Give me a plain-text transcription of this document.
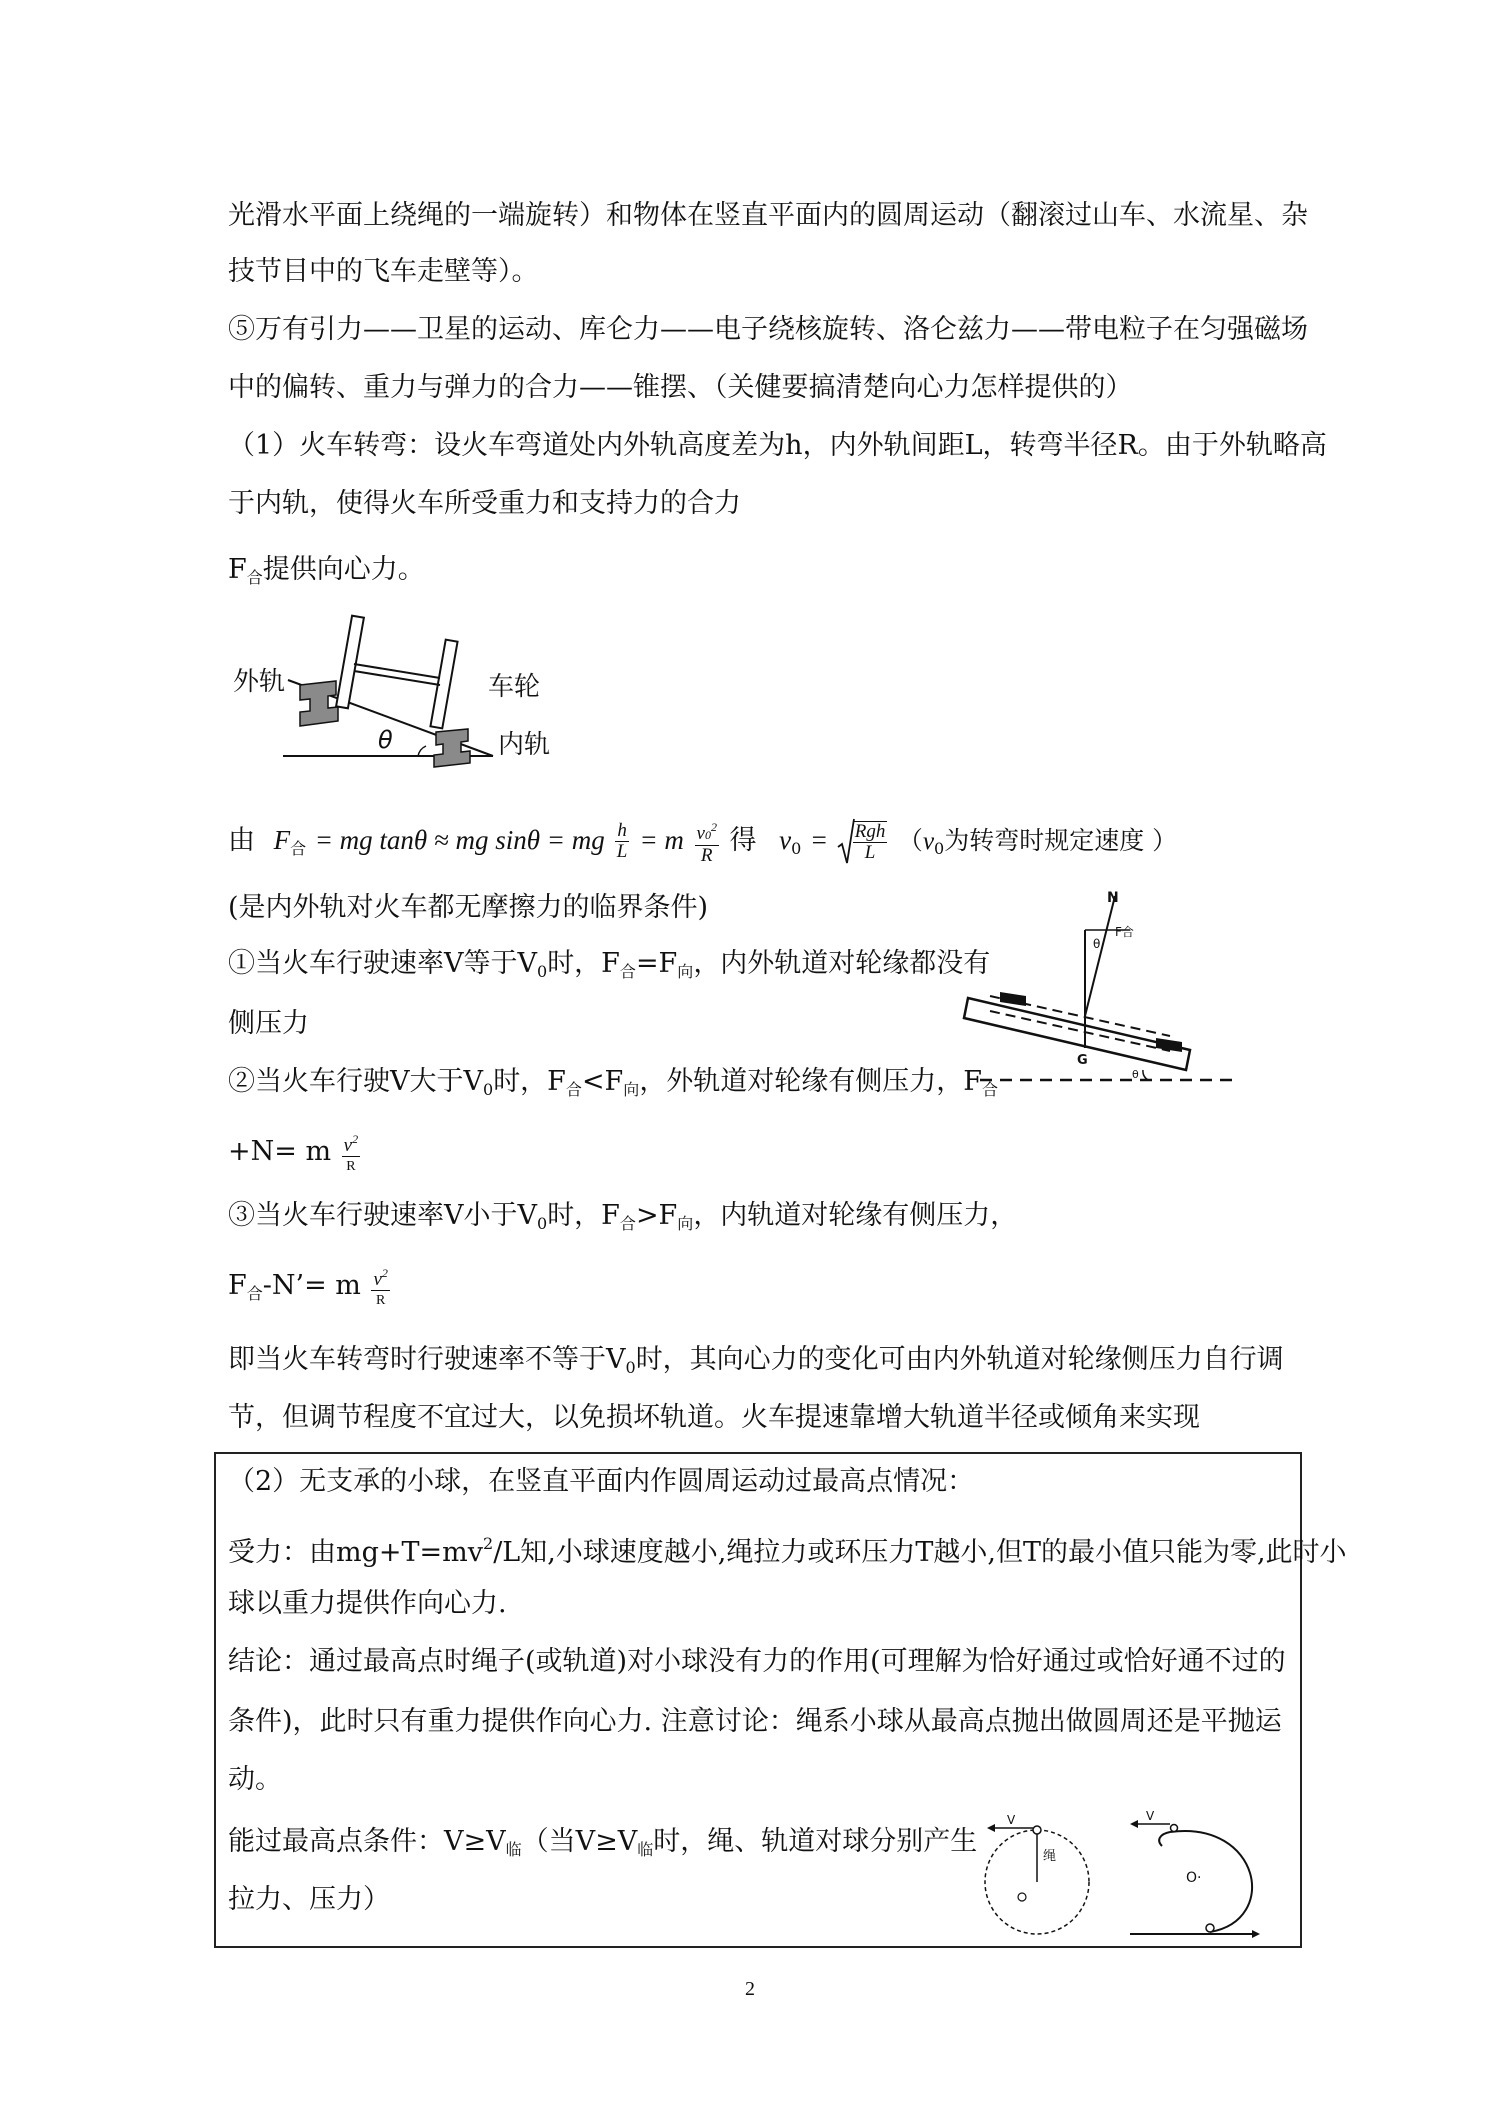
光滑水平面上绕绳的一端旋转）和物体在竖直平面内的圆周运动（翻滚过山车、水流星、杂
技节目中的飞车走壁等）。
⑤万有引力——卫星的运动、库仑力——电子绕核旋转、洛仑兹力——带电粒子在匀强磁场
中的偏转、重力与弹力的合力——锥摆、（关健要搞清楚向心力怎样提供的）
（1）火车转弯：设火车弯道处内外轨高度差为h，内外轨间距L，转弯半径R。由于外轨略高
于内轨，使得火车所受重力和支持力的合力
$F_合$提供向心力。
外轨	车轮
内轨
θ
由 $F_合$ = mg tanθ ≈ mg sinθ = mg $\frac{h}{L} = m \frac{v0^2}{R}$ 得 $v_0 = \frac{\text{Rgh}}{L} (v_0$为转弯时规定速度 ）
(是内外轨对火车都无摩擦力的临界条件)
①当火车行驶速率V等于$V_0$时，$F_合=F_向$，内外轨道对轮缘都没有
侧压力
②当火车行驶V大于$V_0$时，$F_合<F_向$，外轨道对轮缘有侧压力，$F_合$
+N= m $\frac{v^2}{R}$
③当火车行驶速率V小于$V_0$时，$F_合>F_向$，内轨道对轮缘有侧压力，
$F_合-N’= m \frac{v^2}{R}$
N
θ
F合
G
θ
即当火车转弯时行驶速率不等于$V_0$时，其向心力的变化可由内外轨道对轮缘侧压力自行调
节，但调节程度不宜过大，以免损坏轨道。火车提速靠增大轨道半径或倾角来实现
（2）无支承的小球，在竖直平面内作圆周运动过最高点情况：
受力：由$mg+T=mv^2/L$知,小球速度越小,绳拉力或环压力T越小,但T的最小值只能为零,此时小
球以重力提供作向心力.
结论：通过最高点时绳子(或轨道)对小球没有力的作用(可理解为恰好通过或恰好通不过的
条件)，此时只有重力提供作向心力. 注意讨论：绳系小球从最高点抛出做圆周还是平抛运
动。
能过最高点条件：$V\ge V_临$（当$V\ge V_临$时，绳、轨道对球分别产生
拉力、压力）
V
绳
V
O·
2
